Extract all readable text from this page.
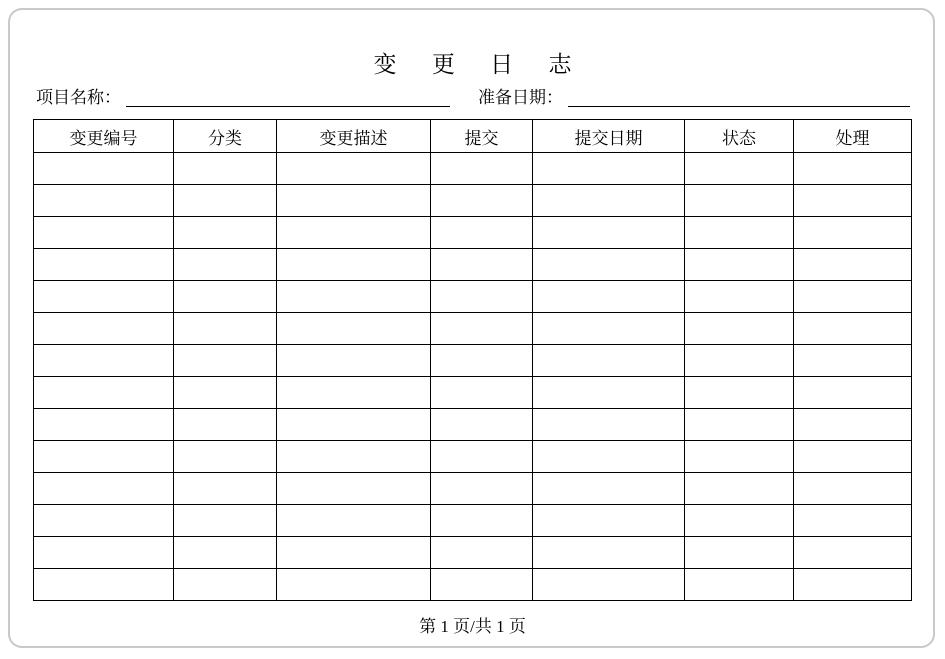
变 更 日 志
项目名称：	准备日期：
变更编号	分类	变更描述	提交	提交日期	状态	处理

第 1 页/共 1 页
